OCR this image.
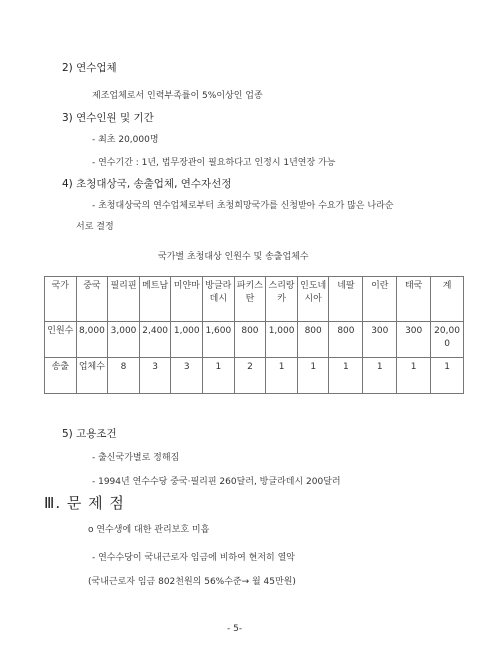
2) 연수업체
제조업체로서 인력부족률이 5%이상인 업종
3) 연수인원 및 기간
- 최초 20,000명
- 연수기간 : 1년, 법무장관이 필요하다고 인정시 1년연장 가능
4) 초청대상국, 송출업체, 연수자선정
- 초청대상국의 연수업체로부터 초청희망국가를 신청받아 수요가 많은 나라순
서로 결정
국가별 초청대상 인원수 및 송출업체수
국가	중국	필리핀	메트남	미얀마	방글라데시	파키스탄	스리랑카	인도네시아	네팔	이란	태국	계
인원수	8,000	3,000	2,400	1,000	1,600	800	1,000	800	800	300	300	20,000
송출	업체수	8	3	3	1	2	1	1	1	1	1	1
5) 고용조건
- 출신국가별로 정해짐
- 1994년 연수수당 중국·필리핀 260달러, 방글라데시 200달러
Ⅲ. 문 제 점
o 연수생에 대한 관리보호 미흡
- 연수수당이 국내근로자 임금에 비하여 현저히 열악
(국내근로자 임금 802천원의 56%수준→ 월 45만원)
- 5-
